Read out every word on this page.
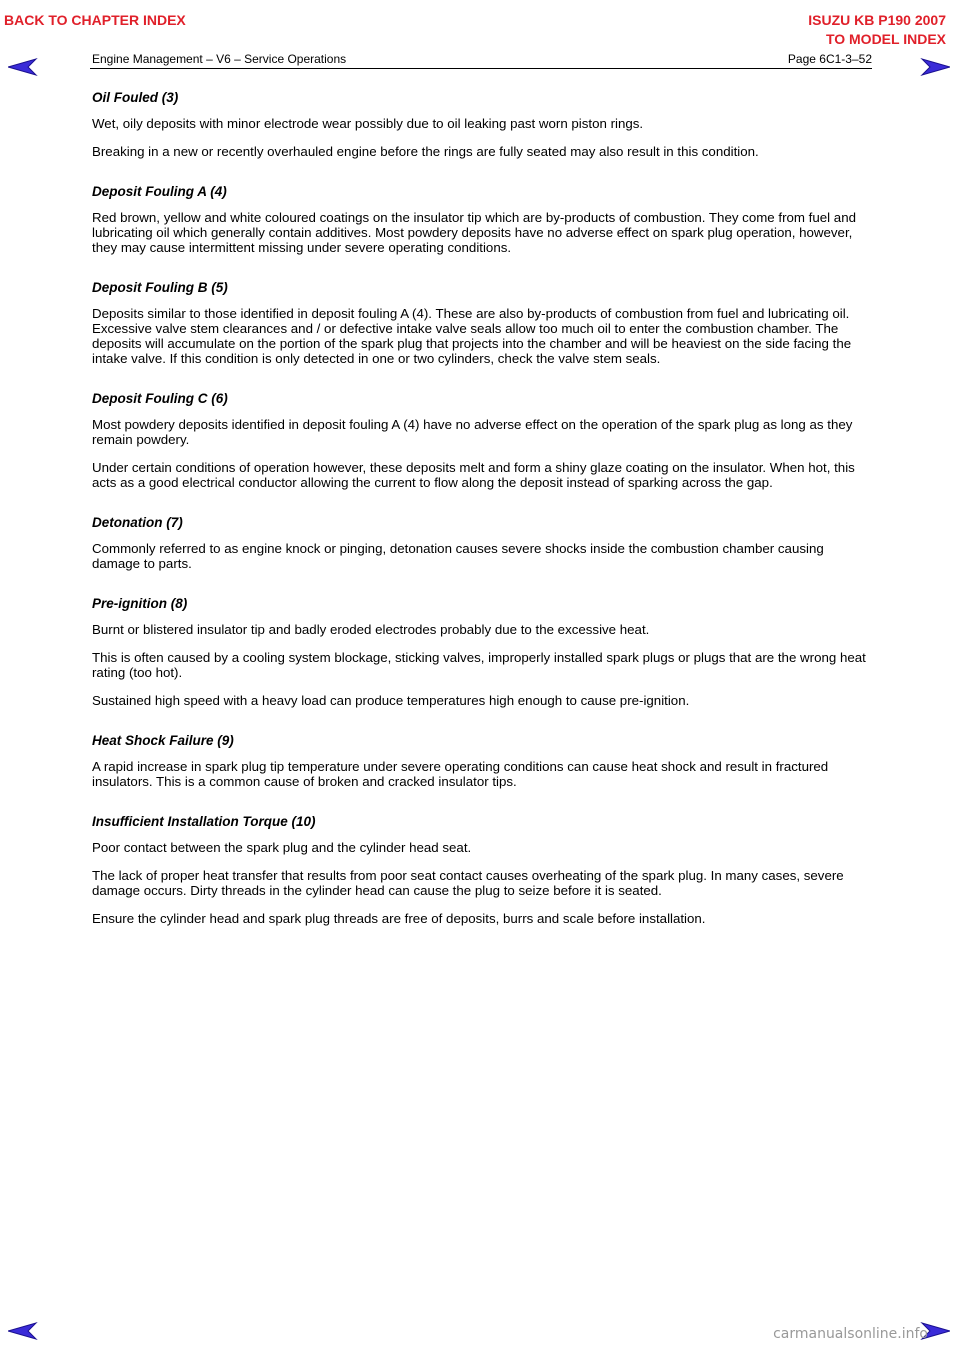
BACK TO CHAPTER INDEX	ISUZU KB P190 2007
TO MODEL INDEX
Engine Management – V6 – Service Operations	Page 6C1-3–52
Oil Fouled (3)

Wet, oily deposits with minor electrode wear possibly due to oil leaking past worn piston rings.

Breaking in a new or recently overhauled engine before the rings are fully seated may also result in this condition.

Deposit Fouling A (4)

Red brown, yellow and white coloured coatings on the insulator tip which are by-products of combustion. They come from fuel and lubricating oil which generally contain additives. Most powdery deposits have no adverse effect on spark plug operation, however, they may cause intermittent missing under severe operating conditions.

Deposit Fouling B (5)

Deposits similar to those identified in deposit fouling A (4). These are also by-products of combustion from fuel and lubricating oil. Excessive valve stem clearances and / or defective intake valve seals allow too much oil to enter the combustion chamber. The deposits will accumulate on the portion of the spark plug that projects into the chamber and will be heaviest on the side facing the intake valve. If this condition is only detected in one or two cylinders, check the valve stem seals.

Deposit Fouling C (6)

Most powdery deposits identified in deposit fouling A (4) have no adverse effect on the operation of the spark plug as long as they remain powdery.

Under certain conditions of operation however, these deposits melt and form a shiny glaze coating on the insulator. When hot, this acts as a good electrical conductor allowing the current to flow along the deposit instead of sparking across the gap.

Detonation (7)

Commonly referred to as engine knock or pinging, detonation causes severe shocks inside the combustion chamber causing damage to parts.

Pre-ignition (8)

Burnt or blistered insulator tip and badly eroded electrodes probably due to the excessive heat.

This is often caused by a cooling system blockage, sticking valves, improperly installed spark plugs or plugs that are the wrong heat rating (too hot).

Sustained high speed with a heavy load can produce temperatures high enough to cause pre-ignition.

Heat Shock Failure (9)

A rapid increase in spark plug tip temperature under severe operating conditions can cause heat shock and result in fractured insulators. This is a common cause of broken and cracked insulator tips.

Insufficient Installation Torque (10)

Poor contact between the spark plug and the cylinder head seat.

The lack of proper heat transfer that results from poor seat contact causes overheating of the spark plug. In many cases, severe damage occurs. Dirty threads in the cylinder head can cause the plug to seize before it is seated.

Ensure the cylinder head and spark plug threads are free of deposits, burrs and scale before installation.

carmanualsonline.info
